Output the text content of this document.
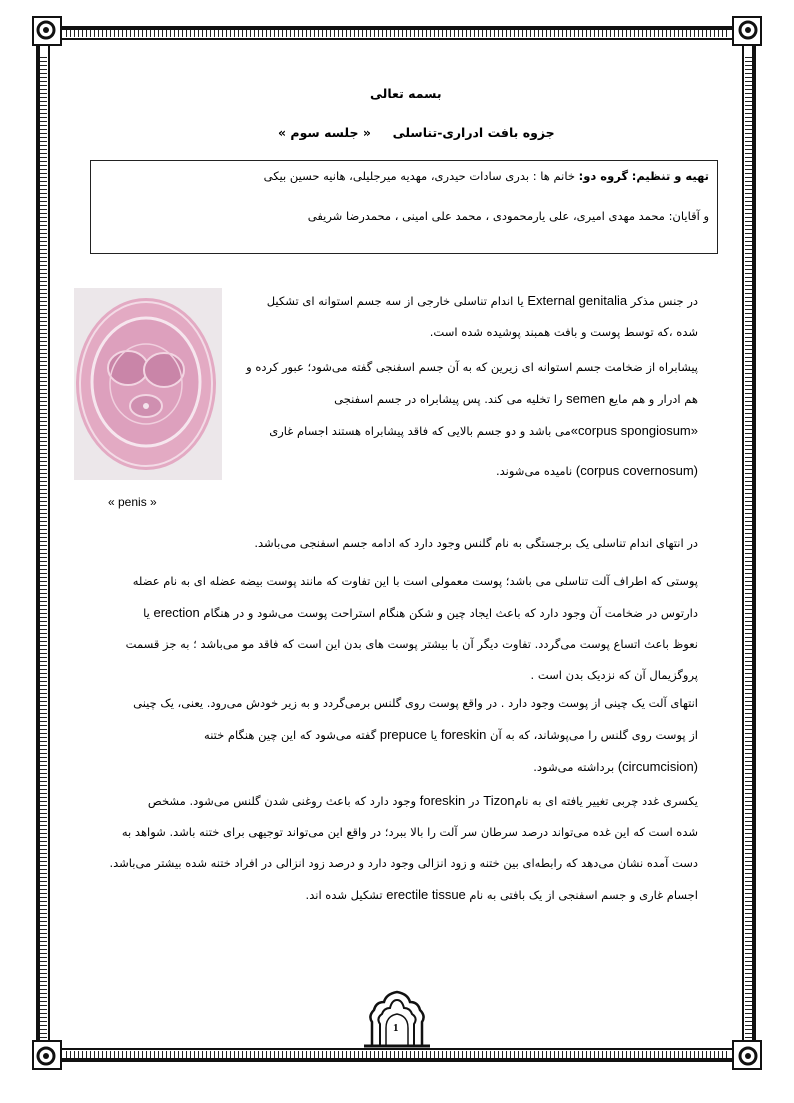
بسمه تعالی
جزوه بافت ادراری-تناسلی     « جلسه سوم »
تهیه و تنظیم: گروه دو: خانم ها : بدری سادات حیدری، مهدیه میرجلیلی، هانیه حسین بیکی
و آقایان: محمد مهدی امیری، علی یارمحمودی ، محمد علی امینی ، محمدرضا شریفی
« penis »

در جنس مذکر External genitalia یا اندام تناسلی خارجی از سه جسم استوانه ای تشکیل

شده ،که توسط پوست و بافت همبند پوشیده شده است.

پیشابراه از ضخامت جسم استوانه ای زیرین که به آن جسم اسفنجی گفته می‌شود؛ عبور کرده و

هم ادرار و هم مایع semen را تخلیه می کند. پس پیشابراه در جسم اسفنجی

«corpus spongiosum»می باشد و دو جسم بالایی که فاقد پیشابراه هستند اجسام غاری

(corpus covernosum) نامیده می‌شوند.

در انتهای اندام تناسلی یک برجستگی به نام گلنس وجود دارد که ادامه جسم اسفنجی می‌باشد.

پوستی که اطراف آلت تناسلی می باشد؛ پوست معمولی است با این تفاوت که مانند پوست بیضه عضله ای به نام عضله

دارتوس در ضخامت آن وجود دارد که باعث ایجاد چین و شکن هنگام استراحت پوست می‌شود و در هنگام erection یا

نعوظ باعث اتساع پوست می‌گردد. تفاوت دیگر آن با بیشتر پوست های بدن این است که فاقد مو می‌باشد ؛ به جز قسمت

پروگزیمال آن که نزدیک بدن است .

انتهای آلت یک چینی از پوست وجود دارد . در واقع پوست روی گلنس برمی‌گردد و به زیر خودش می‌رود. یعنی، یک چینی

از پوست روی گلنس را می‌پوشاند، که به آن foreskin یا prepuce گفته می‌شود که این چین هنگام ختنه

(circumcision) برداشته می‌شود.

یکسری غدد چربی تغییر یافته ای به نامTizon در foreskin وجود دارد که باعث روغنی شدن گلنس می‌شود. مشخص

شده است که این غده می‌تواند درصد سرطان سر آلت را بالا ببرد؛ در واقع این می‌تواند توجیهی برای ختنه باشد. شواهد به

دست آمده نشان می‌دهد که رابطه‌ای بین ختنه و زود انزالی وجود دارد و درصد زود انزالی در افراد ختنه شده بیشتر می‌باشد.

اجسام غاری و جسم اسفنجی از یک بافتی به نام erectile tissue تشکیل شده اند.

1
